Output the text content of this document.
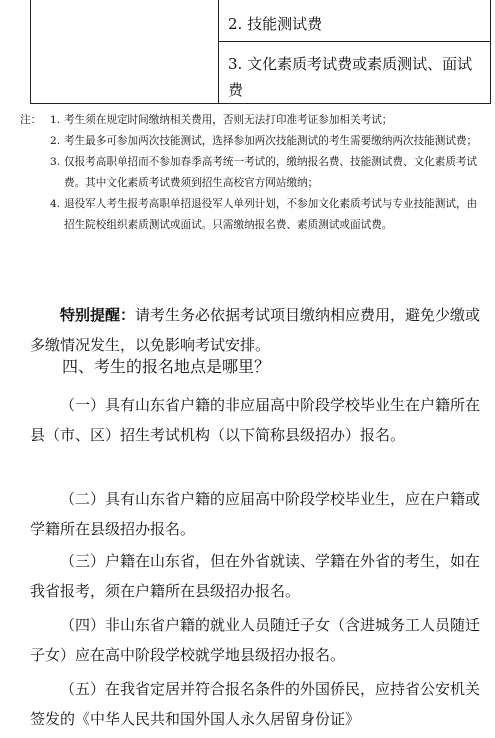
2. 技能测试费
3. 文化素质考试费或素质测试、面试费

注： 1. 考生须在规定时间缴纳相关费用，否则无法打印准考证参加相关考试；

2. 考生最多可参加两次技能测试，选择参加两次技能测试的考生需要缴纳两次技能测试费；

3. 仅报考高职单招而不参加春季高考统一考试的，缴纳报名费、技能测试费、文化素质考试费。其中文化素质考试费须到招生高校官方网站缴纳；

4. 退役军人考生报考高职单招退役军人单列计划，不参加文化素质考试与专业技能测试，由招生院校组织素质测试或面试。只需缴纳报名费、素质测试或面试费。

特别提醒：请考生务必依据考试项目缴纳相应费用，避免少缴或多缴情况发生，以免影响考试安排。

四、考生的报名地点是哪里？

（一）具有山东省户籍的非应届高中阶段学校毕业生在户籍所在县（市、区）招生考试机构（以下简称县级招办）报名。

（二）具有山东省户籍的应届高中阶段学校毕业生，应在户籍或学籍所在县级招办报名。

（三）户籍在山东省，但在外省就读、学籍在外省的考生，如在我省报考，须在户籍所在县级招办报名。

（四）非山东省户籍的就业人员随迁子女（含进城务工人员随迁子女）应在高中阶段学校就学地县级招办报名。

（五）在我省定居并符合报名条件的外国侨民，应持省公安机关签发的《中华人民共和国外国人永久居留身份证》
